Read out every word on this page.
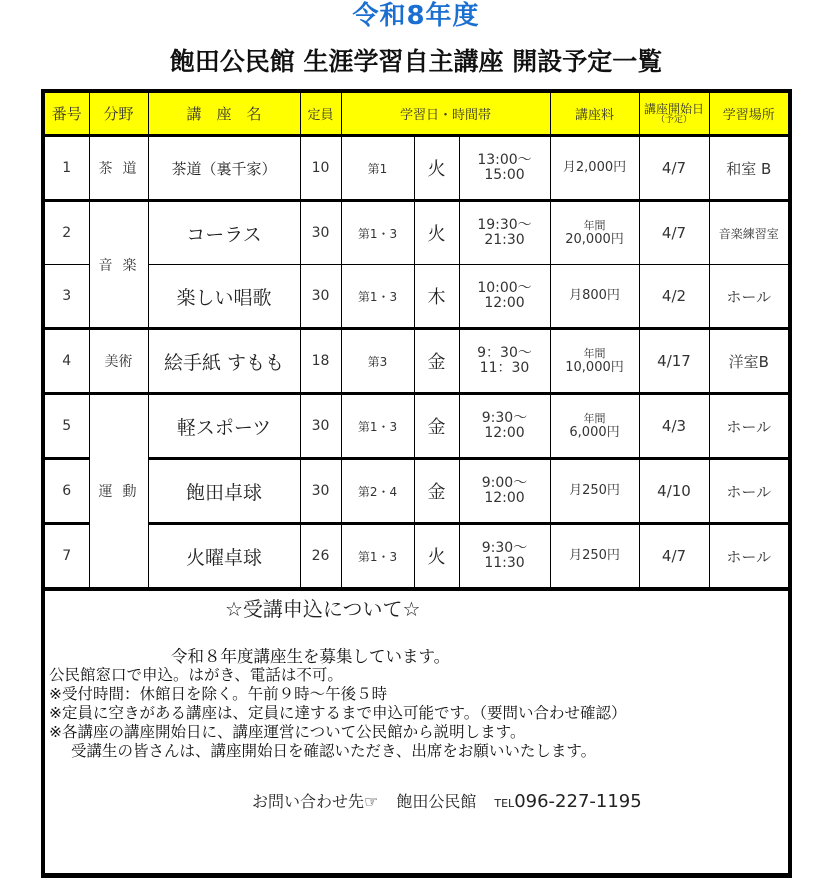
令和8年度
飽田公民館 生涯学習自主講座 開設予定一覧
番号	分野	講　座　名	定員	学習日・時間帯			講座料	講座開始日
（予定）	学習場所
1	茶道	茶道（裏千家）	10	第1	火	13:00～
15:00	月2,000円	4/7	和室 B
2	音楽	コーラス	30	第1・3	火	19:30～
21:30	年間
20,000円	4/7	音楽練習室
3		楽しい唱歌	30	第1・3	木	10:00～
12:00	月800円	4/2	ホール
4	美術	絵手紙 すもも	18	第3	金	9：30～
11：30	年間
10,000円	4/17	洋室B
5	運動	軽スポーツ	30	第1・3	金	9:30～
12:00	年間
6,000円	4/3	ホール
6		飽田卓球	30	第2・4	金	9:00～
12:00	月250円	4/10	ホール
7		火曜卓球	26	第1・3	火	9:30～
11:30	月250円	4/7	ホール
☆受講申込について☆
令和８年度講座生を募集しています。
公民館窓口で申込。はがき、電話は不可。
※受付時間：休館日を除く。午前９時～午後５時
※定員に空きがある講座は、定員に達するまで申込可能です。（要問い合わせ確認）
※各講座の講座開始日に、講座運営について公民館から説明します。
受講生の皆さんは、講座開始日を確認いただき、出席をお願いいたします。
お問い合わせ先☞ 飽田公民館 TEL096-227-1195
